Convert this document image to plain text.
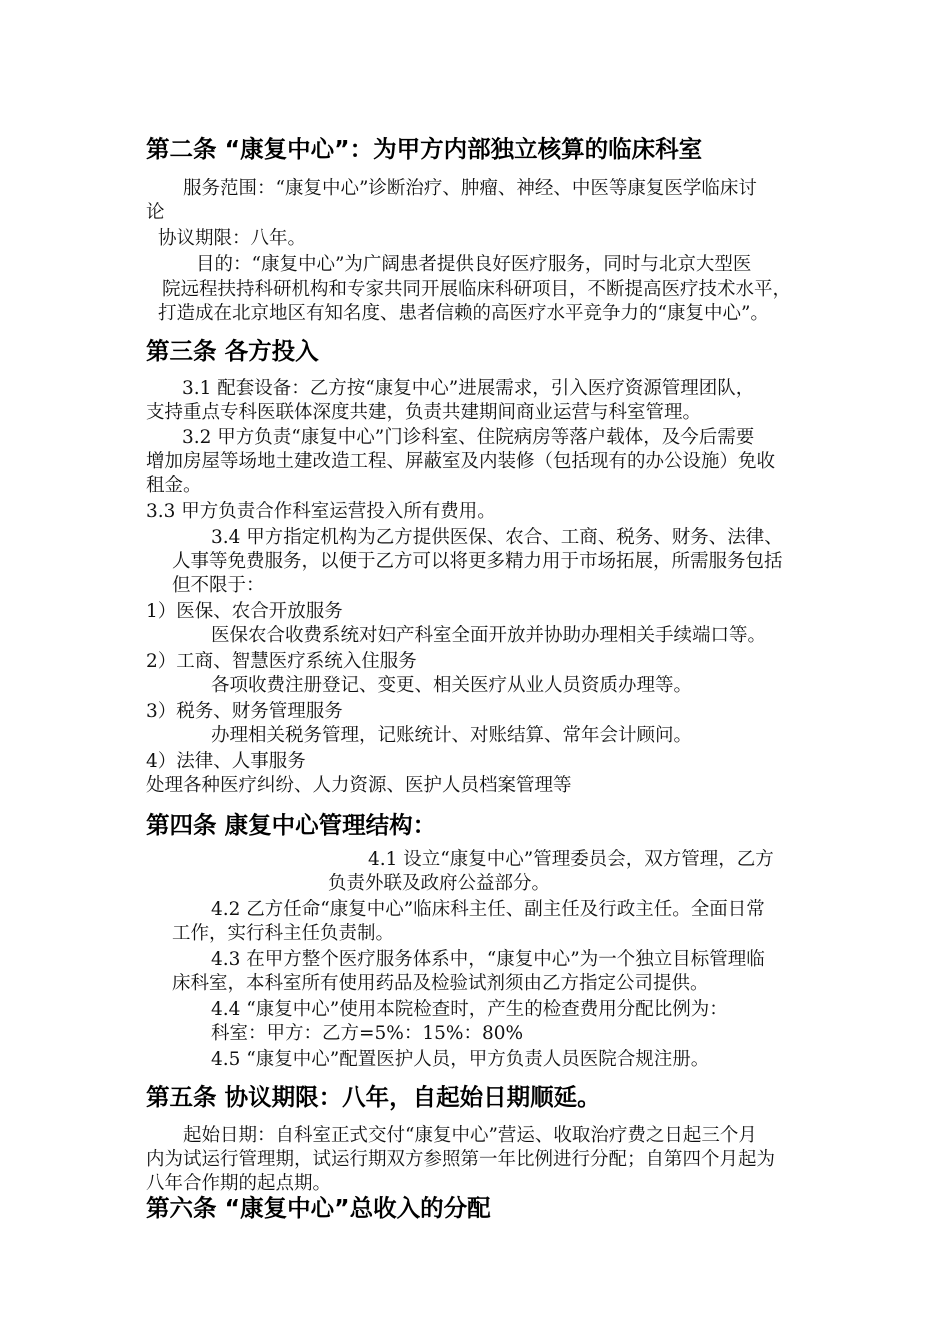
第二条 “康复中心”：为甲方内部独立核算的临床科室
服务范围：“康复中心”诊断治疗、肿瘤、神经、中医等康复医学临床讨
论
协议期限：八年。
目的：“康复中心”为广阔患者提供良好医疗服务，同时与北京大型医
院远程扶持科研机构和专家共同开展临床科研项目，不断提高医疗技术水平，
打造成在北京地区有知名度、患者信赖的高医疗水平竞争力的“康复中心”。
第三条 各方投入
3.1 配套设备：乙方按“康复中心”进展需求，引入医疗资源管理团队，
支持重点专科医联体深度共建，负责共建期间商业运营与科室管理。
3.2 甲方负责“康复中心”门诊科室、住院病房等落户载体，及今后需要
增加房屋等场地土建改造工程、屏蔽室及内装修（包括现有的办公设施）免收
租金。
3.3 甲方负责合作科室运营投入所有费用。
3.4 甲方指定机构为乙方提供医保、农合、工商、税务、财务、法律、
人事等免费服务，以便于乙方可以将更多精力用于市场拓展，所需服务包括
但不限于：
1）医保、农合开放服务
医保农合收费系统对妇产科室全面开放并协助办理相关手续端口等。
2）工商、智慧医疗系统入住服务
各项收费注册登记、变更、相关医疗从业人员资质办理等。
3）税务、财务管理服务
办理相关税务管理，记账统计、对账结算、常年会计顾问。
4）法律、人事服务
处理各种医疗纠纷、人力资源、医护人员档案管理等
第四条 康复中心管理结构：
4.1 设立“康复中心”管理委员会，双方管理，乙方
负责外联及政府公益部分。
4.2 乙方任命“康复中心”临床科主任、副主任及行政主任。全面日常
工作，实行科主任负责制。
4.3 在甲方整个医疗服务体系中，“康复中心”为一个独立目标管理临
床科室，本科室所有使用药品及检验试剂须由乙方指定公司提供。
4.4 “康复中心”使用本院检查时，产生的检查费用分配比例为：
科室：甲方：乙方=5%：15%：80%
4.5 “康复中心”配置医护人员，甲方负责人员医院合规注册。
第五条 协议期限：八年，自起始日期顺延。
起始日期：自科室正式交付“康复中心”营运、收取治疗费之日起三个月
内为试运行管理期，试运行期双方参照第一年比例进行分配；自第四个月起为
八年合作期的起点期。
第六条 “康复中心”总收入的分配
